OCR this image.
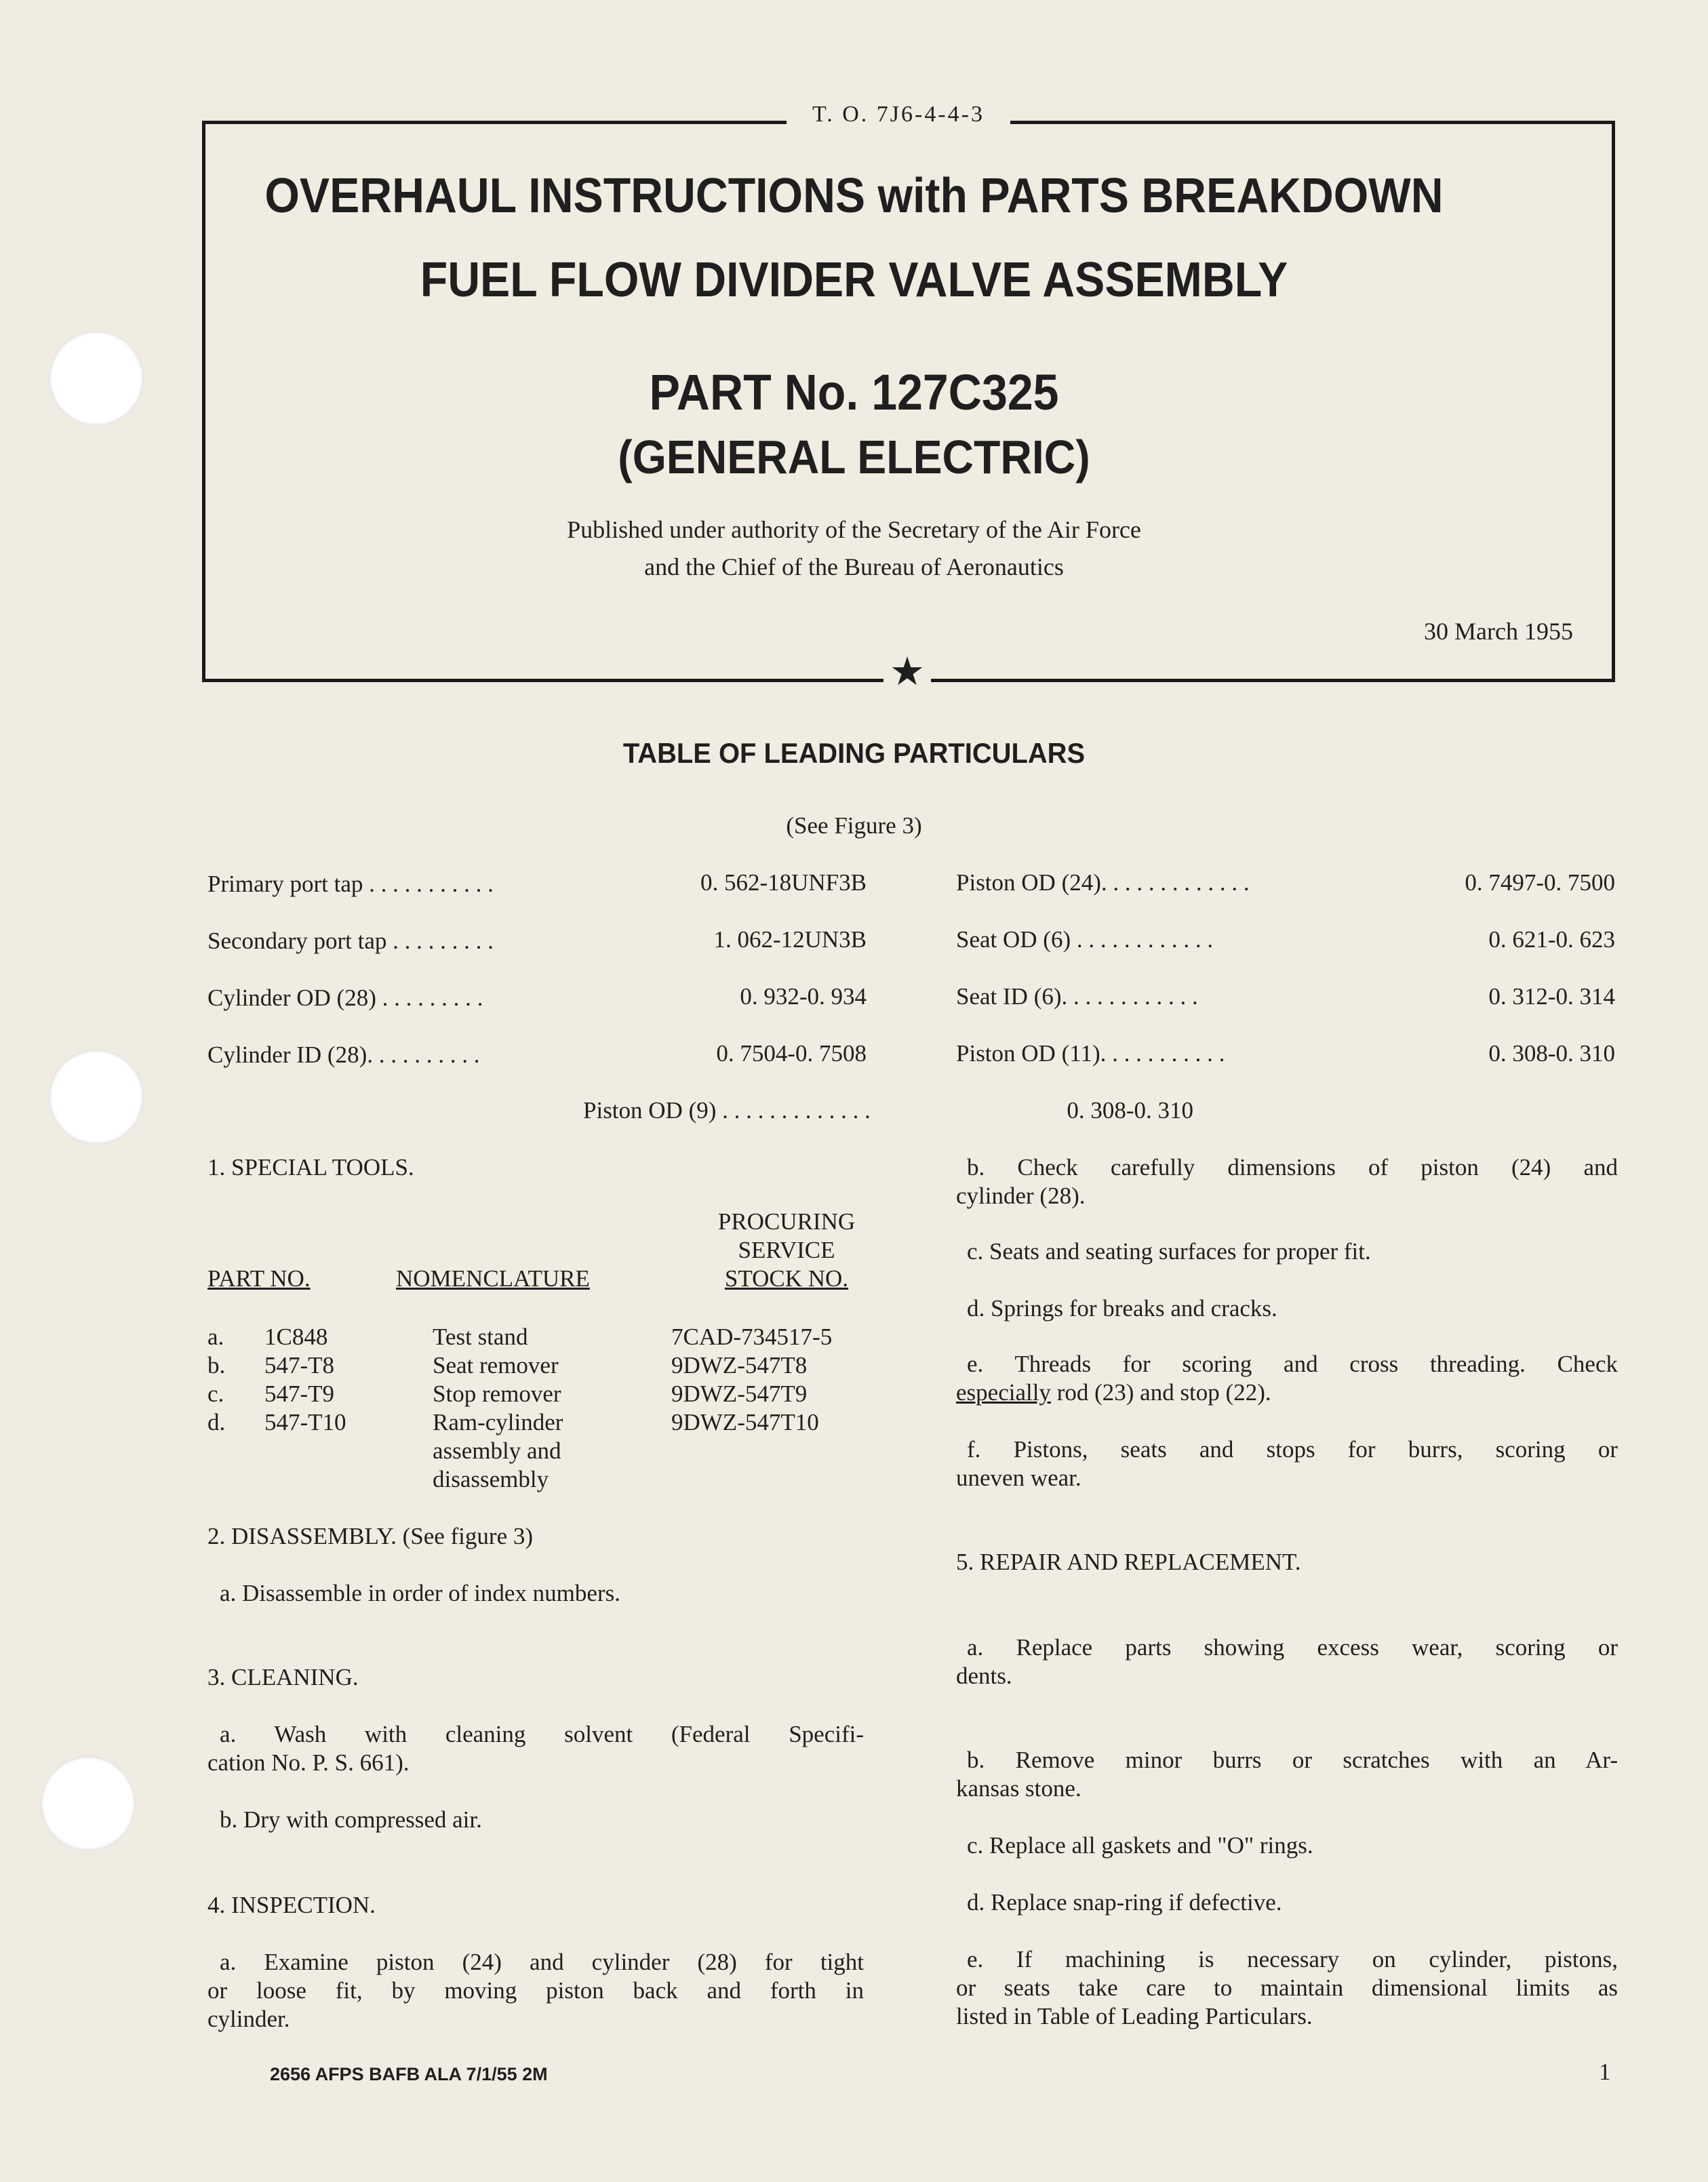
T. O. 7J6-4-4-3
OVERHAUL INSTRUCTIONS with PARTS BREAKDOWN
FUEL FLOW DIVIDER VALVE ASSEMBLY
PART No. 127C325
(GENERAL ELECTRIC)
Published under authority of the Secretary of the Air Force
and the Chief of the Bureau of Aeronautics
30 March 1955
★
TABLE OF LEADING PARTICULARS
(See Figure 3)
Primary port tap . . . . . . . . . . .	0. 562-18UNF3B
Secondary port tap . . . . . . . . .	1. 062-12UN3B
Cylinder OD (28) . . . . . . . . .	0. 932-0. 934
Cylinder ID (28). . . . . . . . . .	0. 7504-0. 7508
Piston OD (24). . . . . . . . . . . . .	0. 7497-0. 7500
Seat OD (6) . . . . . . . . . . . .	0. 621-0. 623
Seat ID (6). . . . . . . . . . . .	0. 312-0. 314
Piston OD (11). . . . . . . . . . .	0. 308-0. 310
Piston OD (9) . . . . . . . . . . . . .	0. 308-0. 310
1. SPECIAL TOOLS.
PROCURING
SERVICE
STOCK NO.
PART NO.	NOMENCLATURE
a. 1C848	Test stand	7CAD-734517-5
b. 547-T8	Seat remover	9DWZ-547T8
c. 547-T9	Stop remover	9DWZ-547T9
d. 547-T10	Ram-cylinder	9DWZ-547T10
assembly and
disassembly
2. DISASSEMBLY. (See figure 3)
a. Disassemble in order of index numbers.
3. CLEANING.
a. Wash with cleaning solvent (Federal Specifi-
cation No. P. S. 661).
b. Dry with compressed air.
4. INSPECTION.
a. Examine piston (24) and cylinder (28) for tight
or loose fit, by moving piston back and forth in
cylinder.
b. Check carefully dimensions of piston (24) and
cylinder (28).
c. Seats and seating surfaces for proper fit.
d. Springs for breaks and cracks.
e. Threads for scoring and cross threading. Check
especially rod (23) and stop (22).
f. Pistons, seats and stops for burrs, scoring or
uneven wear.
5. REPAIR AND REPLACEMENT.
a. Replace parts showing excess wear, scoring or
dents.
b. Remove minor burrs or scratches with an Ar-
kansas stone.
c. Replace all gaskets and "O" rings.
d. Replace snap-ring if defective.
e. If machining is necessary on cylinder, pistons,
or seats take care to maintain dimensional limits as
listed in Table of Leading Particulars.
2656 AFPS BAFB ALA 7/1/55 2M	1
